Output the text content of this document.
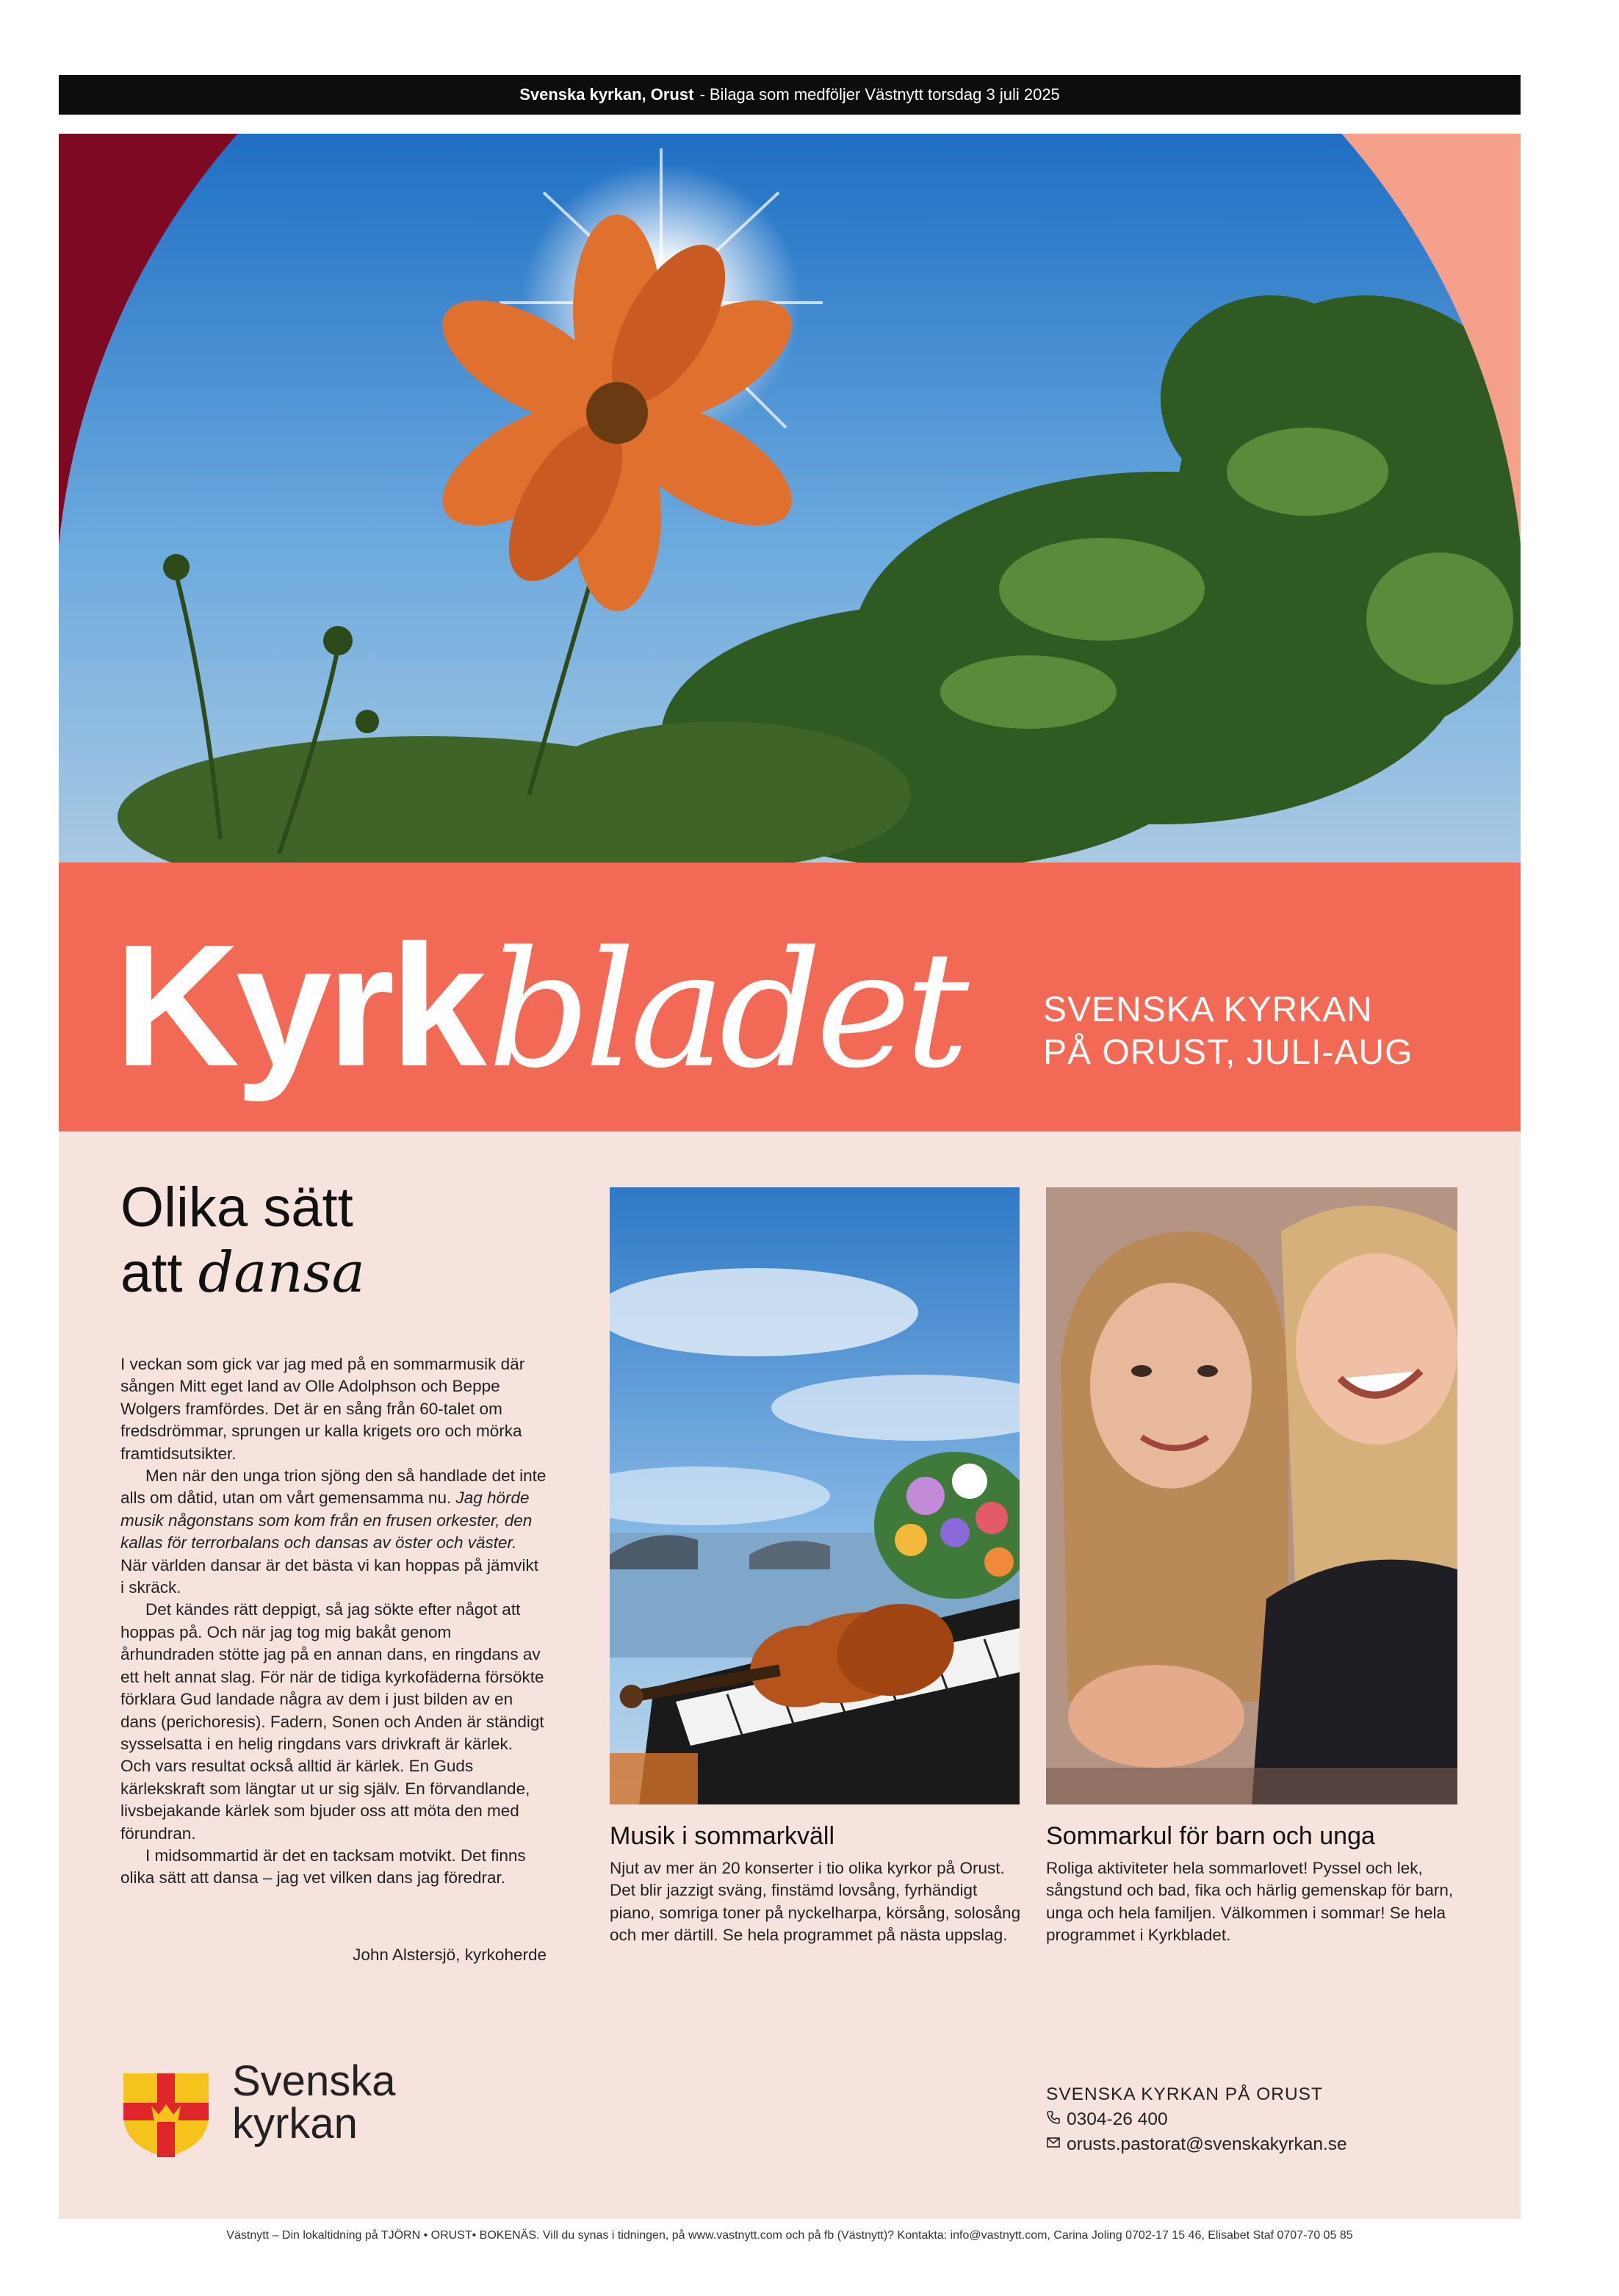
Svenska kyrkan, Orust - Bilaga som medföljer Västnytt torsdag 3 juli 2025
Kyrk bladet SVENSKA KYRKAN
PÅ ORUST, JULI-AUG
Olika sätt
att dansa

I veckan som gick var jag med på en sommarmusik där sången Mitt eget land av Olle Adolphson och Beppe Wolgers framfördes. Det är en sång från 60-talet om fredsdrömmar, sprungen ur kalla krigets oro och mörka framtidsutsikter.

Men när den unga trion sjöng den så handlade det inte alls om dåtid, utan om vårt gemensamma nu. Jag hörde musik någonstans som kom från en frusen orkester, den kallas för terrorbalans och dansas av öster och väster. När världen dansar är det bästa vi kan hoppas på jämvikt i skräck.

Det kändes rätt deppigt, så jag sökte efter något att hoppas på. Och när jag tog mig bakåt genom århundraden stötte jag på en annan dans, en ringdans av ett helt annat slag. För när de tidiga kyrkofäderna försökte förklara Gud landade några av dem i just bilden av en dans (perichoresis). Fadern, Sonen och Anden är ständigt sysselsatta i en helig ringdans vars drivkraft är kärlek. Och vars resultat också alltid är kärlek. En Guds kärlekskraft som längtar ut ur sig själv. En förvandlande, livsbejakande kärlek som bjuder oss att möta den med förundran.

I midsommartid är det en tacksam motvikt. Det finns olika sätt att dansa – jag vet vilken dans jag föredrar.

John Alstersjö, kyrkoherde
Musik i sommarkväll
Njut av mer än 20 konserter i tio olika kyrkor på Orust. Det blir jazzigt sväng, finstämd lovsång, fyrhändigt piano, somriga toner på nyckelharpa, körsång, solosång och mer därtill. Se hela programmet på nästa uppslag.
Sommarkul för barn och unga
Roliga aktiviteter hela sommarlovet! Pyssel och lek, sångstund och bad, fika och härlig gemenskap för barn, unga och hela familjen. Välkommen i sommar! Se hela programmet i Kyrkbladet.
Svenska
kyrkan
SVENSKA KYRKAN PÅ ORUST
0304-26 400
orusts.pastorat@svenskakyrkan.se
Västnytt – Din lokaltidning på TJÖRN • ORUST• BOKENÄS. Vill du synas i tidningen, på www.vastnytt.com och på fb (Västnytt)? Kontakta: info@vastnytt.com, Carina Joling 0702-17 15 46, Elisabet Staf 0707-70 05 85
